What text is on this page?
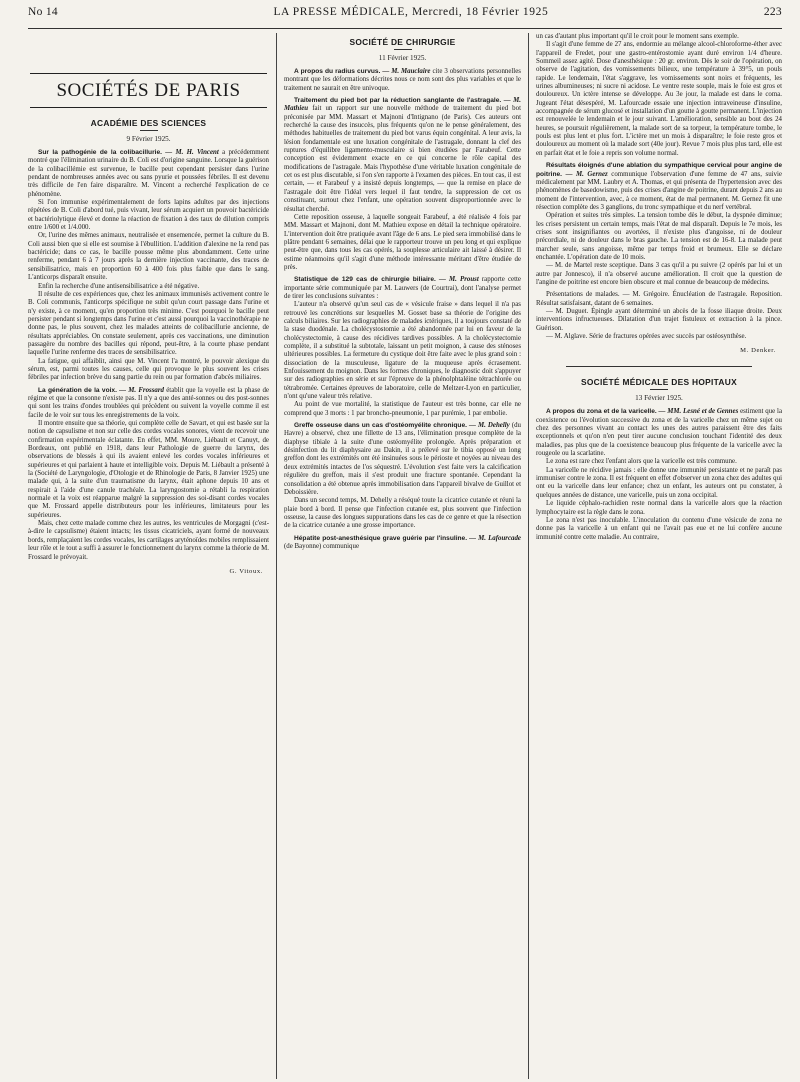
No 14	LA PRESSE MÉDICALE, Mercredi, 18 Février 1925	223
SOCIÉTÉS DE PARIS
ACADÉMIE DES SCIENCES
9 Février 1925.

Sur la pathogénie de la colibacillurie. — M. H. Vincent a précédemment montré que l'élimination urinaire du B. Coli est d'origine sanguine. Lorsque la guérison de la colibacillémie est survenue, le bacille peut cependant persister dans l'urine pendant de nombreuses années avec ou sans pyurie et poussées fébriles. Il est devenu très difficile de l'en faire disparaître. M. Vincent a recherché l'explication de ce phénomène.

Si l'on immunise expérimentalement de forts lapins adultes par des injections répétées de B. Coli d'abord tué, puis vivant, leur sérum acquiert un pouvoir bactéricide et bactériolytique élevé et donne la réaction de fixation à des taux de dilution compris entre 1/600 et 1/4.000.

Or, l'urine des mêmes animaux, neutralisée et ensemencée, permet la culture du B. Coli aussi bien que si elle est soumise à l'ébullition. L'addition d'alexine ne la rend pas bactéricide; dans ce cas, le bacille pousse même plus abondamment. Cette urine renferme, pendant 6 à 7 jours après la dernière injection vaccinante, des traces de sensibilisatrice, mais en proportion 60 à 400 fois plus faible que dans le sang. L'anticorps disparaît ensuite.

Enfin la recherche d'une antisensibilisatrice a été négative.

Il résulte de ces expériences que, chez les animaux immunisés activement contre le B. Coli communis, l'anticorps spécifique ne subit qu'un court passage dans l'urine et n'y existe, à ce moment, qu'en proportion très minime. C'est pourquoi le bacille peut persister pendant si longtemps dans l'urine et c'est aussi pourquoi la vaccinothérapie ne donne pas, le plus souvent, chez les malades atteints de colibacillurie ancienne, de résultats appréciables. On constate seulement, après ces vaccinations, une diminution passagère du nombre des bacilles qui répond, peut-être, à la courte phase pendant laquelle l'urine renferme des traces de sensibilisatrice.

La fatigue, qui affaiblit, ainsi que M. Vincent l'a montré, le pouvoir alexique du sérum, est, parmi toutes les causes, celle qui provoque le plus souvent les crises fébriles par infection brève du sang partie du rein ou par formation d'abcès miliaires.

La génération de la voix. — M. Frossard établit que la voyelle est la phase de régime et que la consonne n'existe pas. Il n'y a que des anté-sonnes ou des post-sonnes qui sont les trains d'ondes troublées qui précèdent ou suivent la voyelle comme il est facile de le voir sur tous les enregistrements de la voix.

Il montre ensuite que sa théorie, qui complète celle de Savart, et qui est basée sur la notion de capsulisme et non sur celle des cordes vocales sonores, vient de recevoir une confirmation expérimentale éclatante. En effet, MM. Moure, Liébault et Canuyt, de Bordeaux, ont publié en 1918, dans leur Pathologie de guerre du larynx, des observations de blessés à qui ils avaient enlevé les cordes vocales inférieures et supérieures et qui parlaient à haute et intelligible voix. Depuis M. Liébault a présenté à la (Société de Laryngologie, d'Otologie et de Rhinologie de Paris, 8 Janvier 1925) une malade qui, à la suite d'un traumatisme du larynx, était aphone depuis 10 ans et respirait à l'aide d'une canule trachéale. La laryngostomie a rétabli la respiration normale et la voix est réapparue malgré la suppression des soi-disant cordes vocales que M. Frossard appelle distributeurs pour les inférieures, limitateurs pour les supérieures.

Mais, chez cette malade comme chez les autres, les ventricules de Morgagni (c'est-à-dire le capsulisme) étaient intacts; les tissus cicatriciels, ayant formé de nouveaux bords, remplaçaient les cordes vocales, les cartilages aryténoïdes mobiles remplissaient leur rôle et le tout a suffi à assurer le fonctionnement du larynx comme la théorie de M. Frossard le prévoyait.

G. Vitoux.
SOCIÉTÉ DE CHIRURGIE
11 Février 1925.

A propos du radius curvus. — M. Mauclaire cite 3 observations personnelles montrant que les déformations décrites nous ce nom sont des plus variables et que le traitement ne saurait en être univoque.

Traitement du pied bot par la réduction sanglante de l'astragale. — M. Mathieu fait un rapport sur une nouvelle méthode de traitement du pied bot préconisée par MM. Massart et Majnoni d'Intignano (de Paris). Ces auteurs ont recherché la cause des insuccès, plus fréquents qu'on ne le pense généralement, des méthodes habituelles de traitement du pied bot varus équin congénital. A leur avis, la lésion fondamentale est une luxation congénitale de l'astragale, donnant la clef des ruptures d'équilibre ligamento-musculaire si bien étudiées par Farabeuf. Cette conception est évidemment exacte en ce qui concerne le rôle capital des modifications de l'astragale. Mais l'hypothèse d'une véritable luxation congénitale de cet os est plus discutable, si l'on s'en rapporte à l'examen des pièces. En tout cas, il est certain, — et Farabeuf y a insisté depuis longtemps, — que la remise en place de l'astragale doit être l'idéal vers lequel il faut tendre, la suppression de cet os constituant, surtout chez l'enfant, une opération souvent disproportionnée avec le résultat cherché.

Cette reposition osseuse, à laquelle songeait Farabeuf, a été réalisée 4 fois par MM. Massart et Majnoni, dont M. Mathieu expose en détail la technique opératoire. L'intervention doit être pratiquée avant l'âge de 6 ans. Le pied sera immobilisé dans le plâtre pendant 6 semaines, délai que le rapporteur trouve un peu long et qui explique peut-être que, dans tous les cas opérés, la souplesse articulaire ait laissé à désirer. Il estime néanmoins qu'il s'agit d'une méthode intéressante méritant d'être étudiée de près.

Statistique de 129 cas de chirurgie biliaire. — M. Proust rapporte cette importante série communiquée par M. Lauwers (de Courtrai), dont l'analyse permet de tirer les conclusions suivantes :

L'auteur n'a observé qu'un seul cas de « vésicule fraise » dans lequel il n'a pas retrouvé les concrétions sur lesquelles M. Gosset base sa théorie de l'origine des calculs biliaires. Sur les radiographies de malades ictériques, il a toujours constaté de la stase duodénale. La cholécystostomie a été abandonnée par lui en faveur de la cholécystectomie, à cause des récidives tardives possibles. A la cholécystectomie complète, il a substitué la subtotale, laissant un petit moignon, à cause des sténoses ultérieures possibles. La fermeture du cystique doit être faite avec le plus grand soin : dissociation de la musculeuse, ligature de la muqueuse après écrasement. Enfouissement du moignon. Dans les formes chroniques, le diagnostic doit s'appuyer sur des radiographies en série et sur l'épreuve de la phénolphtaléine tétrachlorée ou tétrabromée. Certaines épreuves de laboratoire, celle de Meltzer-Lyon en particulier, n'ont qu'une valeur très relative.

Au point de vue mortalité, la statistique de l'auteur est très bonne, car elle ne comprend que 3 morts : 1 par broncho-pneumonie, 1 par purémie, 1 par embolie.

Greffe osseuse dans un cas d'ostéomyélite chronique. — M. Dehelly (du Havre) a observé, chez une fillette de 13 ans, l'élimination presque complète de la diaphyse tibiale à la suite d'une ostéomyélite prolongée. Après préparation et désinfection du lit diaphysaire au Dakin, il a prélevé sur le tibia opposé un long greffon dont les extrémités ont été insinuées sous le périoste et noyées au niveau des deux extrémités intactes de l'os séquestré. L'évolution s'est faite vers la calcification régulière du greffon, mais il s'est produit une fracture spontanée. Cependant la consolidation a été obtenue après immobilisation dans l'appareil bivalve de Guillot et Deboissière.

Dans un second temps, M. Dehelly a réséqué toute la cicatrice cutanée et réuni la plaie bord à bord. Il pense que l'infection cutanée est, plus souvent que l'infection osseuse, la cause des longues suppurations dans les cas de ce genre et que la résection de la cicatrice cutanée a une grosse importance.

Hépatite post-anesthésique grave guérie par l'insuline. — M. Lafourcade (de Bayonne) communique

un cas d'autant plus important qu'il le croit pour le moment sans exemple.

Il s'agit d'une femme de 27 ans, endormie au mélange alcool-chloroforme-éther avec l'appareil de Fredet, pour une gastro-entérostomie ayant duré environ 1/4 d'heure. Sommeil assez agité. Dose d'anesthésique : 20 gr. environ. Dès le soir de l'opération, on observe de l'agitation, des vomissements bilieux, une température à 39°5, un pouls rapide. Le lendemain, l'état s'aggrave, les vomissements sont noirs et fréquents, les urines albumineuses; ni sucre ni acidose. Le ventre reste souple, mais le foie est gros et douloureux. Un ictère intense se développe. Au 3e jour, la malade est dans le coma. Jugeant l'état désespéré, M. Lafourcade essaie une injection intraveineuse d'insuline, accompagnée de sérum glucosé et installation d'un goutte à goutte permanent. L'injection est renouvelée le lendemain et le jour suivant. L'amélioration, sensible au bout des 24 heures, se poursuit régulièrement, la malade sort de sa torpeur, la température tombe, le pouls est plus lent et plus fort. L'ictère met un mois à disparaître; le foie reste gros et douloureux au moment où la malade sort (40e jour). Revue 7 mois plus plus tard, elle est en parfait état et le foie a repris son volume normal.

Résultats éloignés d'une ablation du sympathique cervical pour angine de poitrine. — M. Gernez communique l'observation d'une femme de 47 ans, suivie médicalement par MM. Laubry et A. Thomas, et qui présenta de l'hypertension avec des phénomènes de basedowisme, puis des crises d'angine de poitrine, durant depuis 2 ans au moment de l'intervention, avec, à ce moment, état de mal permanent. M. Gernez fit une résection complète des 3 ganglions, du tronc sympathique et du nerf vertébral.

Opération et suites très simples. La tension tombe dès le début, la dyspnée diminue; les crises persistent un certain temps, mais l'état de mal disparaît. Depuis le 7e mois, les crises sont insignifiantes ou avortées, il n'existe plus d'angoisse, ni de douleur précordiale, ni de douleur dans le bras gauche. La tension est de 16-8. La malade peut marcher seule, sans angoisse, même par temps froid et brumeux. Elle se déclare enchantée. L'opération date de 10 mois.

— M. de Martel reste sceptique. Dans 3 cas qu'il a pu suivre (2 opérés par lui et un autre par Jonnesco), il n'a observé aucune amélioration. Il croit que la question de l'angine de poitrine est encore bien obscure et mal connue de beaucoup de médecins.

Présentations de malades. — M. Grégoire. Énucléation de l'astragale. Reposition. Résultat satisfaisant, datant de 6 semaines.

— M. Duguet. Épingle ayant déterminé un abcès de la fosse iliaque droite. Deux interventions infructueuses. Dilatation d'un trajet fistuleux et extraction à la pince. Guérison.

— M. Alglave. Série de fractures opérées avec succès par ostéosynthèse.

M. Denker.
SOCIÉTÉ MÉDICALE DES HOPITAUX
13 Février 1925.

A propos du zona et de la varicelle. — MM. Lesné et de Gennes estiment que la coexistence ou l'évolution successive du zona et de la varicelle chez un même sujet ou chez des personnes vivant au contact les unes des autres paraissent être des faits exceptionnels et qu'on n'en peut tirer aucune conclusion touchant l'identité des deux maladies, pas plus que de la coexistence beaucoup plus fréquente de la varicelle avec la rougeole ou la scarlatine.

Le zona est rare chez l'enfant alors que la varicelle est très commune.

La varicelle ne récidive jamais : elle donne une immunité persistante et ne paraît pas immuniser contre le zona. Il est fréquent en effet d'observer un zona chez des adultes qui ont eu la varicelle dans leur enfance; chez un enfant, les auteurs ont pu constater, à quelques années de distance, une varicelle, puis un zona occipital.

Le liquide céphalo-rachidien reste normal dans la varicelle alors que la réaction lymphocytaire est la règle dans le zona.

Le zona n'est pas inoculable. L'inoculation du contenu d'une vésicule de zona ne donne pas la varicelle à un enfant qui ne l'avait pas eue et ne lui confère aucune immunité contre cette maladie. Au contraire,
